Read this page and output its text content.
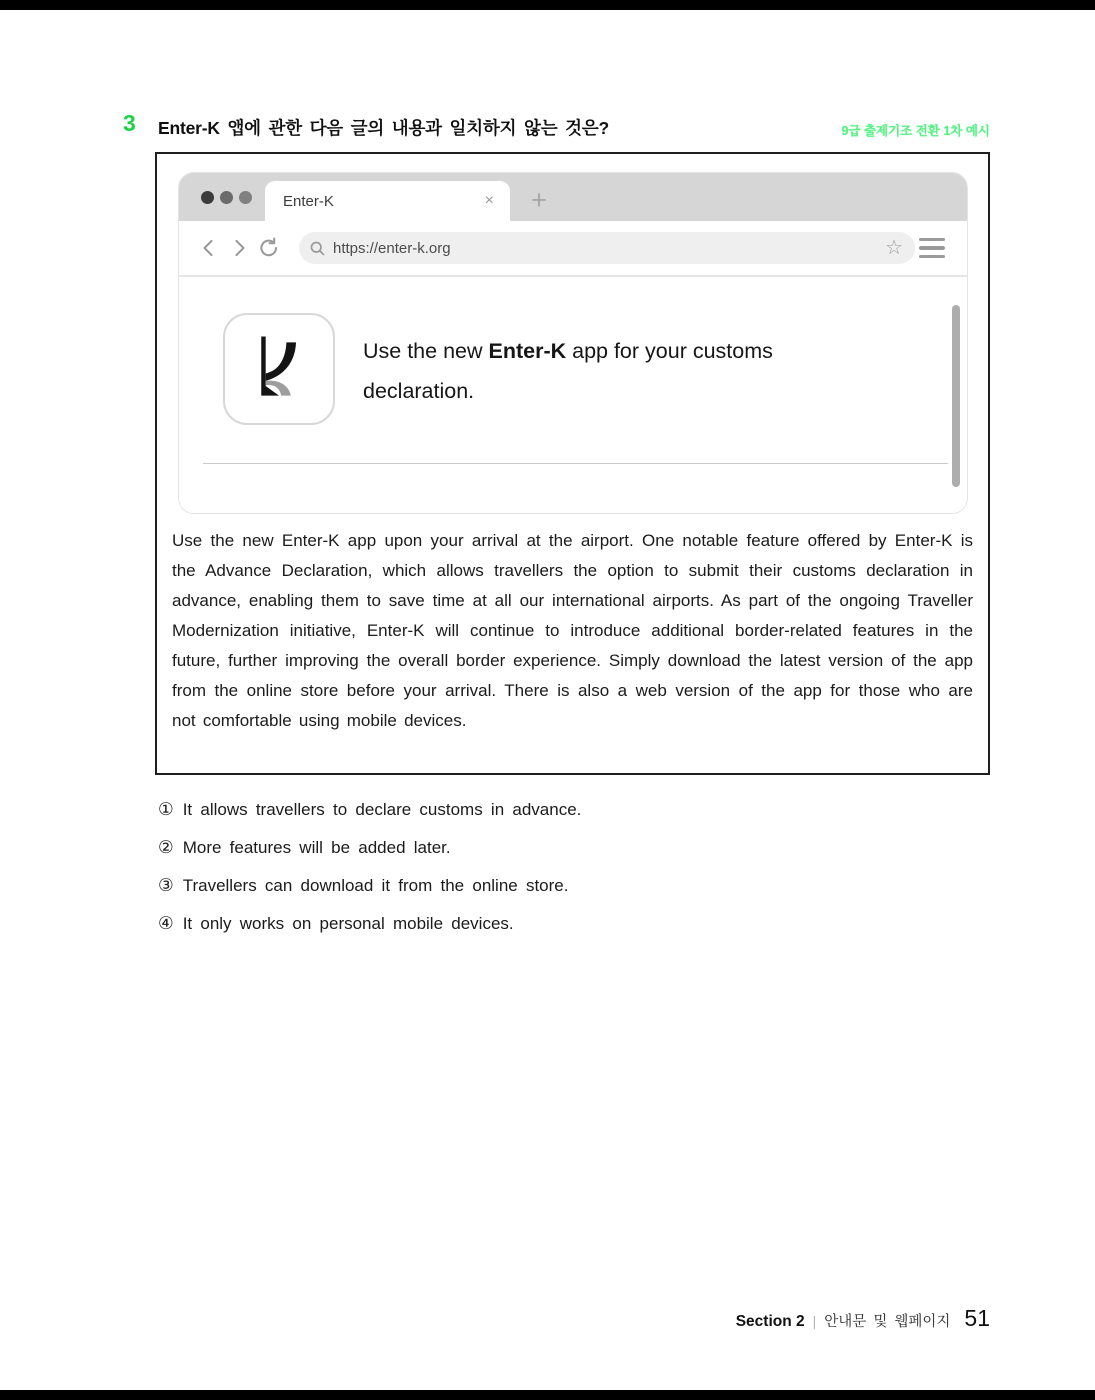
3 Enter-K 앱에 관한 다음 글의 내용과 일치하지 않는 것은?	9급 출제기조 전환 1차 예시
Enter-K	×	+
https://enter-k.org	☆
Use the new Enter-K app for your customs declaration.

Use the new Enter-K app upon your arrival at the airport. One notable feature offered by Enter-K is the Advance Declaration, which allows travellers the option to submit their customs declaration in advance, enabling them to save time at all our international airports. As part of the ongoing Traveller Modernization initiative, Enter-K will continue to introduce additional border-related features in the future, further improving the overall border experience. Simply download the latest version of the app from the online store before your arrival. There is also a web version of the app for those who are not comfortable using mobile devices.

① It allows travellers to declare customs in advance.
② More features will be added later.
③ Travellers can download it from the online store.
④ It only works on personal mobile devices.
Section 2 | 안내문 및 웹페이지 51
